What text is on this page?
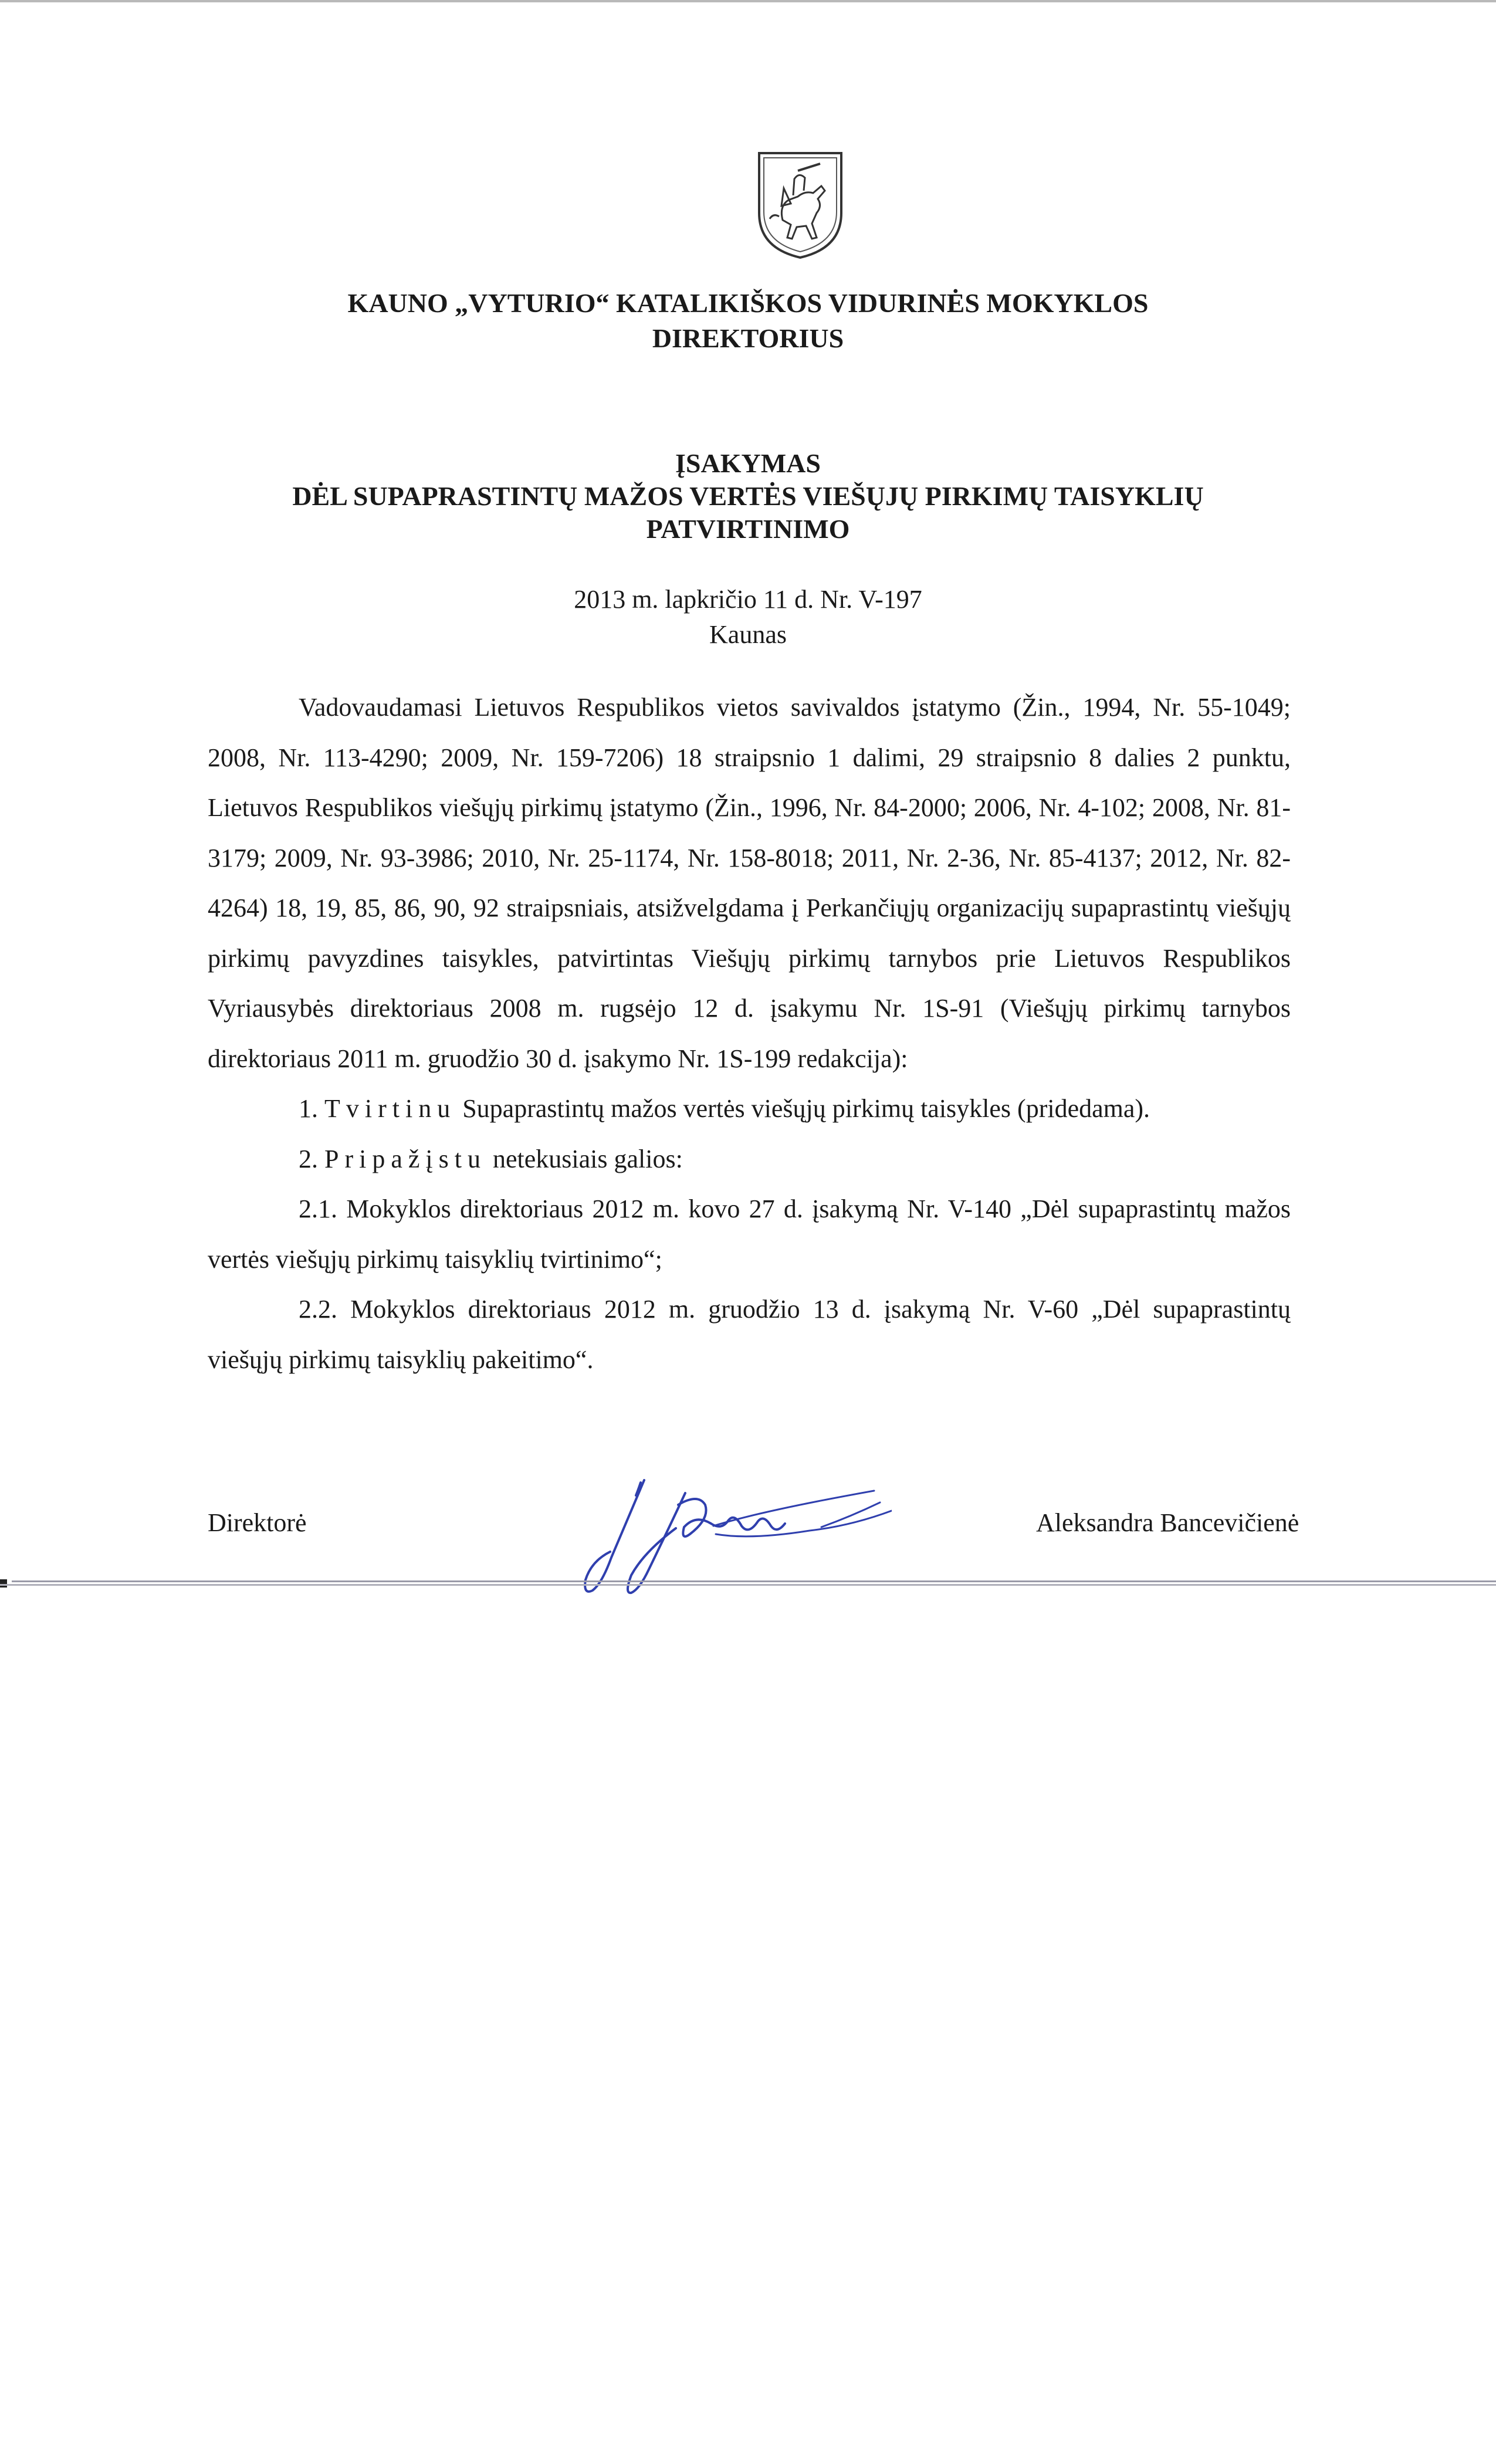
KAUNO „VYTURIO“ KATALIKIŠKOS VIDURINĖS MOKYKLOS
DIREKTORIUS
ĮSAKYMAS
DĖL SUPAPRASTINTŲ MAŽOS VERTĖS VIEŠŲJŲ PIRKIMŲ TAISYKLIŲ
PATVIRTINIMO
2013 m. lapkričio 11 d. Nr. V-197
Kaunas

Vadovaudamasi Lietuvos Respublikos vietos savivaldos įstatymo (Žin., 1994, Nr. 55-1049; 2008, Nr. 113-4290; 2009, Nr. 159-7206) 18 straipsnio 1 dalimi, 29 straipsnio 8 dalies 2 punktu, Lietuvos Respublikos viešųjų pirkimų įstatymo (Žin., 1996, Nr. 84-2000; 2006, Nr. 4-102; 2008, Nr. 81-3179; 2009, Nr. 93-3986; 2010, Nr. 25-1174, Nr. 158-8018; 2011, Nr. 2-36, Nr. 85-4137; 2012, Nr. 82-4264) 18, 19, 85, 86, 90, 92 straipsniais, atsižvelgdama į Perkančiųjų organizacijų supaprastintų viešųjų pirkimų pavyzdines taisykles, patvirtintas Viešųjų pirkimų tarnybos prie Lietuvos Respublikos Vyriausybės direktoriaus 2008 m. rugsėjo 12 d. įsakymu Nr. 1S-91 (Viešųjų pirkimų tarnybos direktoriaus 2011 m. gruodžio 30 d. įsakymo Nr. 1S-199 redakcija):

1. Tvirtinu Supaprastintų mažos vertės viešųjų pirkimų taisykles (pridedama).

2. Pripažįstu netekusiais galios:

2.1. Mokyklos direktoriaus 2012 m. kovo 27 d. įsakymą Nr. V-140 „Dėl supaprastintų mažos vertės viešųjų pirkimų taisyklių tvirtinimo“;

2.2. Mokyklos direktoriaus 2012 m. gruodžio 13 d. įsakymą Nr. V-60 „Dėl supaprastintų viešųjų pirkimų taisyklių pakeitimo“.

Direktorė	Aleksandra Bancevičienė
